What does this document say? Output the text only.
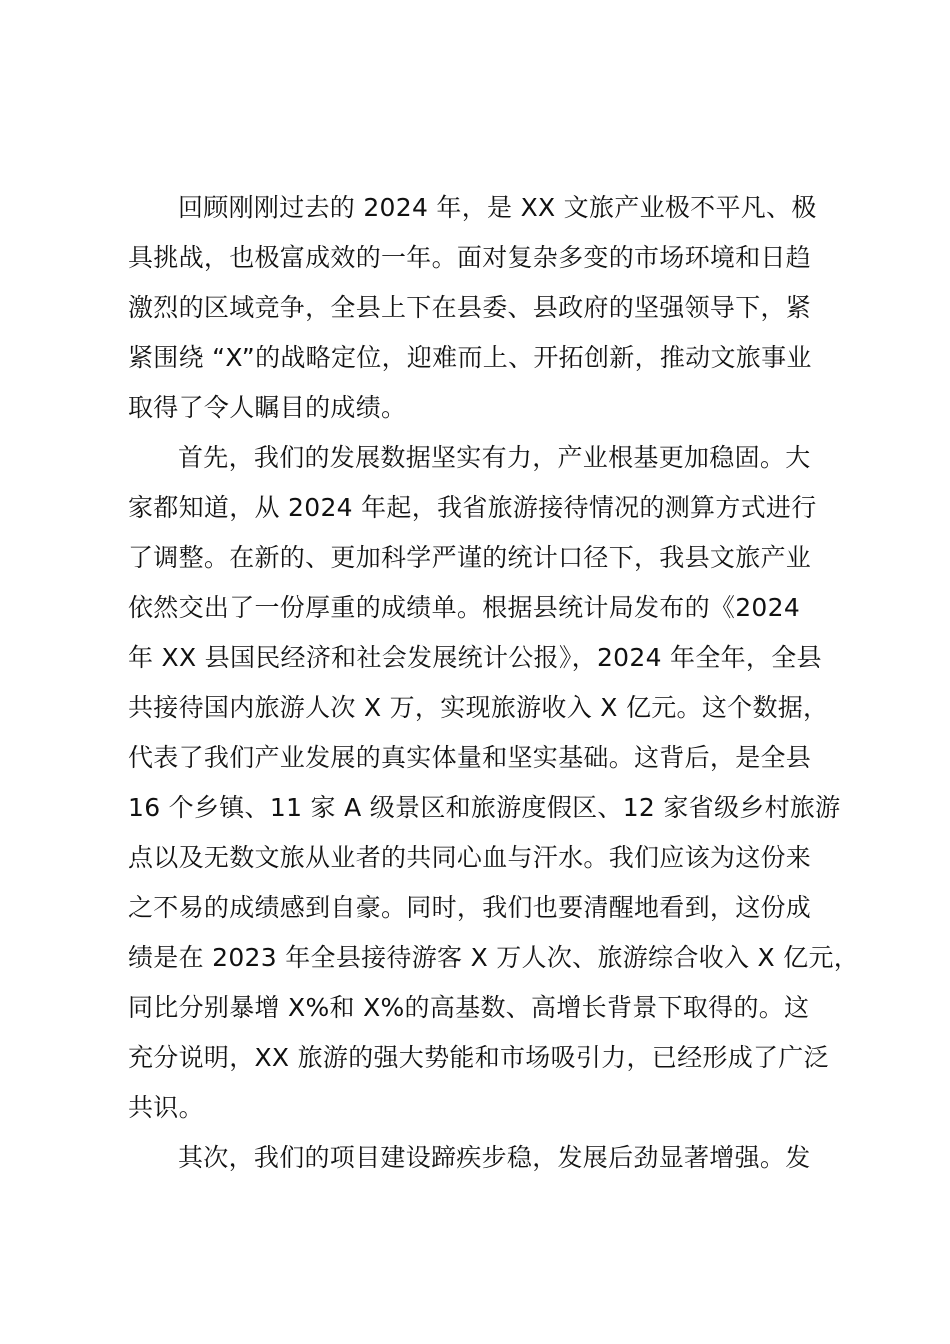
回顾刚刚过去的 2024 年，是 XX 文旅产业极不平凡、极
具挑战，也极富成效的一年。面对复杂多变的市场环境和日趋
激烈的区域竞争，全县上下在县委、县政府的坚强领导下，紧
紧围绕 “X”的战略定位，迎难而上、开拓创新，推动文旅事业
取得了令人瞩目的成绩。
首先，我们的发展数据坚实有力，产业根基更加稳固。大
家都知道，从 2024 年起，我省旅游接待情况的测算方式进行
了调整。在新的、更加科学严谨的统计口径下，我县文旅产业
依然交出了一份厚重的成绩单。根据县统计局发布的《2024
年 XX 县国民经济和社会发展统计公报》，2024 年全年，全县
共接待国内旅游人次 X 万，实现旅游收入 X 亿元。这个数据，
代表了我们产业发展的真实体量和坚实基础。这背后，是全县
16 个乡镇、11 家 A 级景区和旅游度假区、12 家省级乡村旅游
点以及无数文旅从业者的共同心血与汗水。我们应该为这份来
之不易的成绩感到自豪。同时，我们也要清醒地看到，这份成
绩是在 2023 年全县接待游客 X 万人次、旅游综合收入 X 亿元，
同比分别暴增 X%和 X%的高基数、高增长背景下取得的。这
充分说明，XX 旅游的强大势能和市场吸引力，已经形成了广泛
共识。
其次，我们的项目建设蹄疾步稳，发展后劲显著增强。发
